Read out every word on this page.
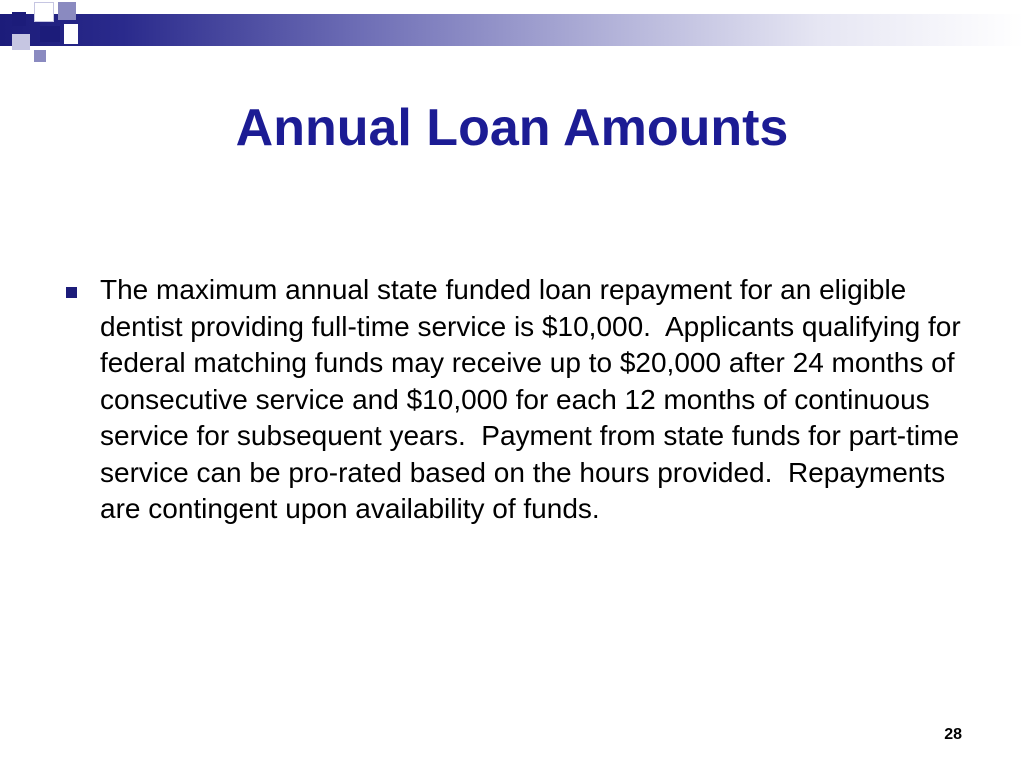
Annual Loan Amounts
The maximum annual state funded loan repayment for an eligible dentist providing full-time service is $10,000.  Applicants qualifying for federal matching funds may receive up to $20,000 after 24 months of consecutive service and $10,000 for each 12 months of continuous service for subsequent years.  Payment from state funds for part-time service can be pro-rated based on the hours provided.  Repayments are contingent upon availability of funds.
28
